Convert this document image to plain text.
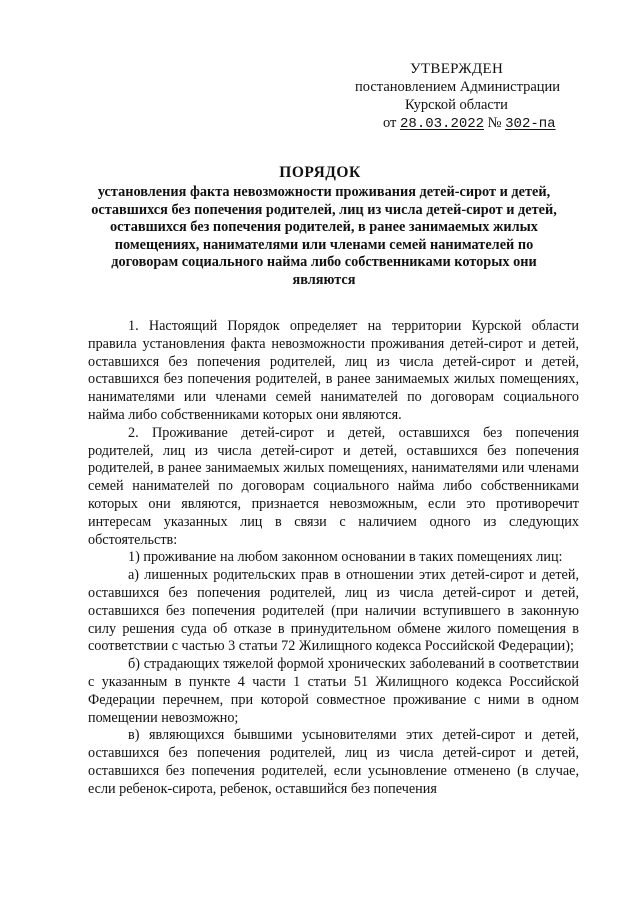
УТВЕРЖДЕН
постановлением Администрации
Курской области
от 28.03.2022 № 302-па
ПОРЯДОК
установления факта невозможности проживания детей-сирот и детей, оставшихся без попечения родителей, лиц из числа детей-сирот и детей, оставшихся без попечения родителей, в ранее занимаемых жилых помещениях, нанимателями или членами семей нанимателей по договорам социального найма либо собственниками которых они являются

1. Настоящий Порядок определяет на территории Курской области правила установления факта невозможности проживания детей-сирот и детей, оставшихся без попечения родителей, лиц из числа детей-сирот и детей, оставшихся без попечения родителей, в ранее занимаемых жилых помещениях, нанимателями или членами семей нанимателей по договорам социального найма либо собственниками которых они являются.

2. Проживание детей-сирот и детей, оставшихся без попечения родителей, лиц из числа детей-сирот и детей, оставшихся без попечения родителей, в ранее занимаемых жилых помещениях, нанимателями или членами семей нанимателей по договорам социального найма либо собственниками которых они являются, признается невозможным, если это противоречит интересам указанных лиц в связи с наличием одного из следующих обстоятельств:

1) проживание на любом законном основании в таких помещениях лиц:

а) лишенных родительских прав в отношении этих детей-сирот и детей, оставшихся без попечения родителей, лиц из числа детей-сирот и детей, оставшихся без попечения родителей (при наличии вступившего в законную силу решения суда об отказе в принудительном обмене жилого помещения в соответствии с частью 3 статьи 72 Жилищного кодекса Российской Федерации);

б) страдающих тяжелой формой хронических заболеваний в соответствии с указанным в пункте 4 части 1 статьи 51 Жилищного кодекса Российской Федерации перечнем, при которой совместное проживание с ними в одном помещении невозможно;

в) являющихся бывшими усыновителями этих детей-сирот и детей, оставшихся без попечения родителей, лиц из числа детей-сирот и детей, оставшихся без попечения родителей, если усыновление отменено (в случае, если ребенок-сирота, ребенок, оставшийся без попечения
